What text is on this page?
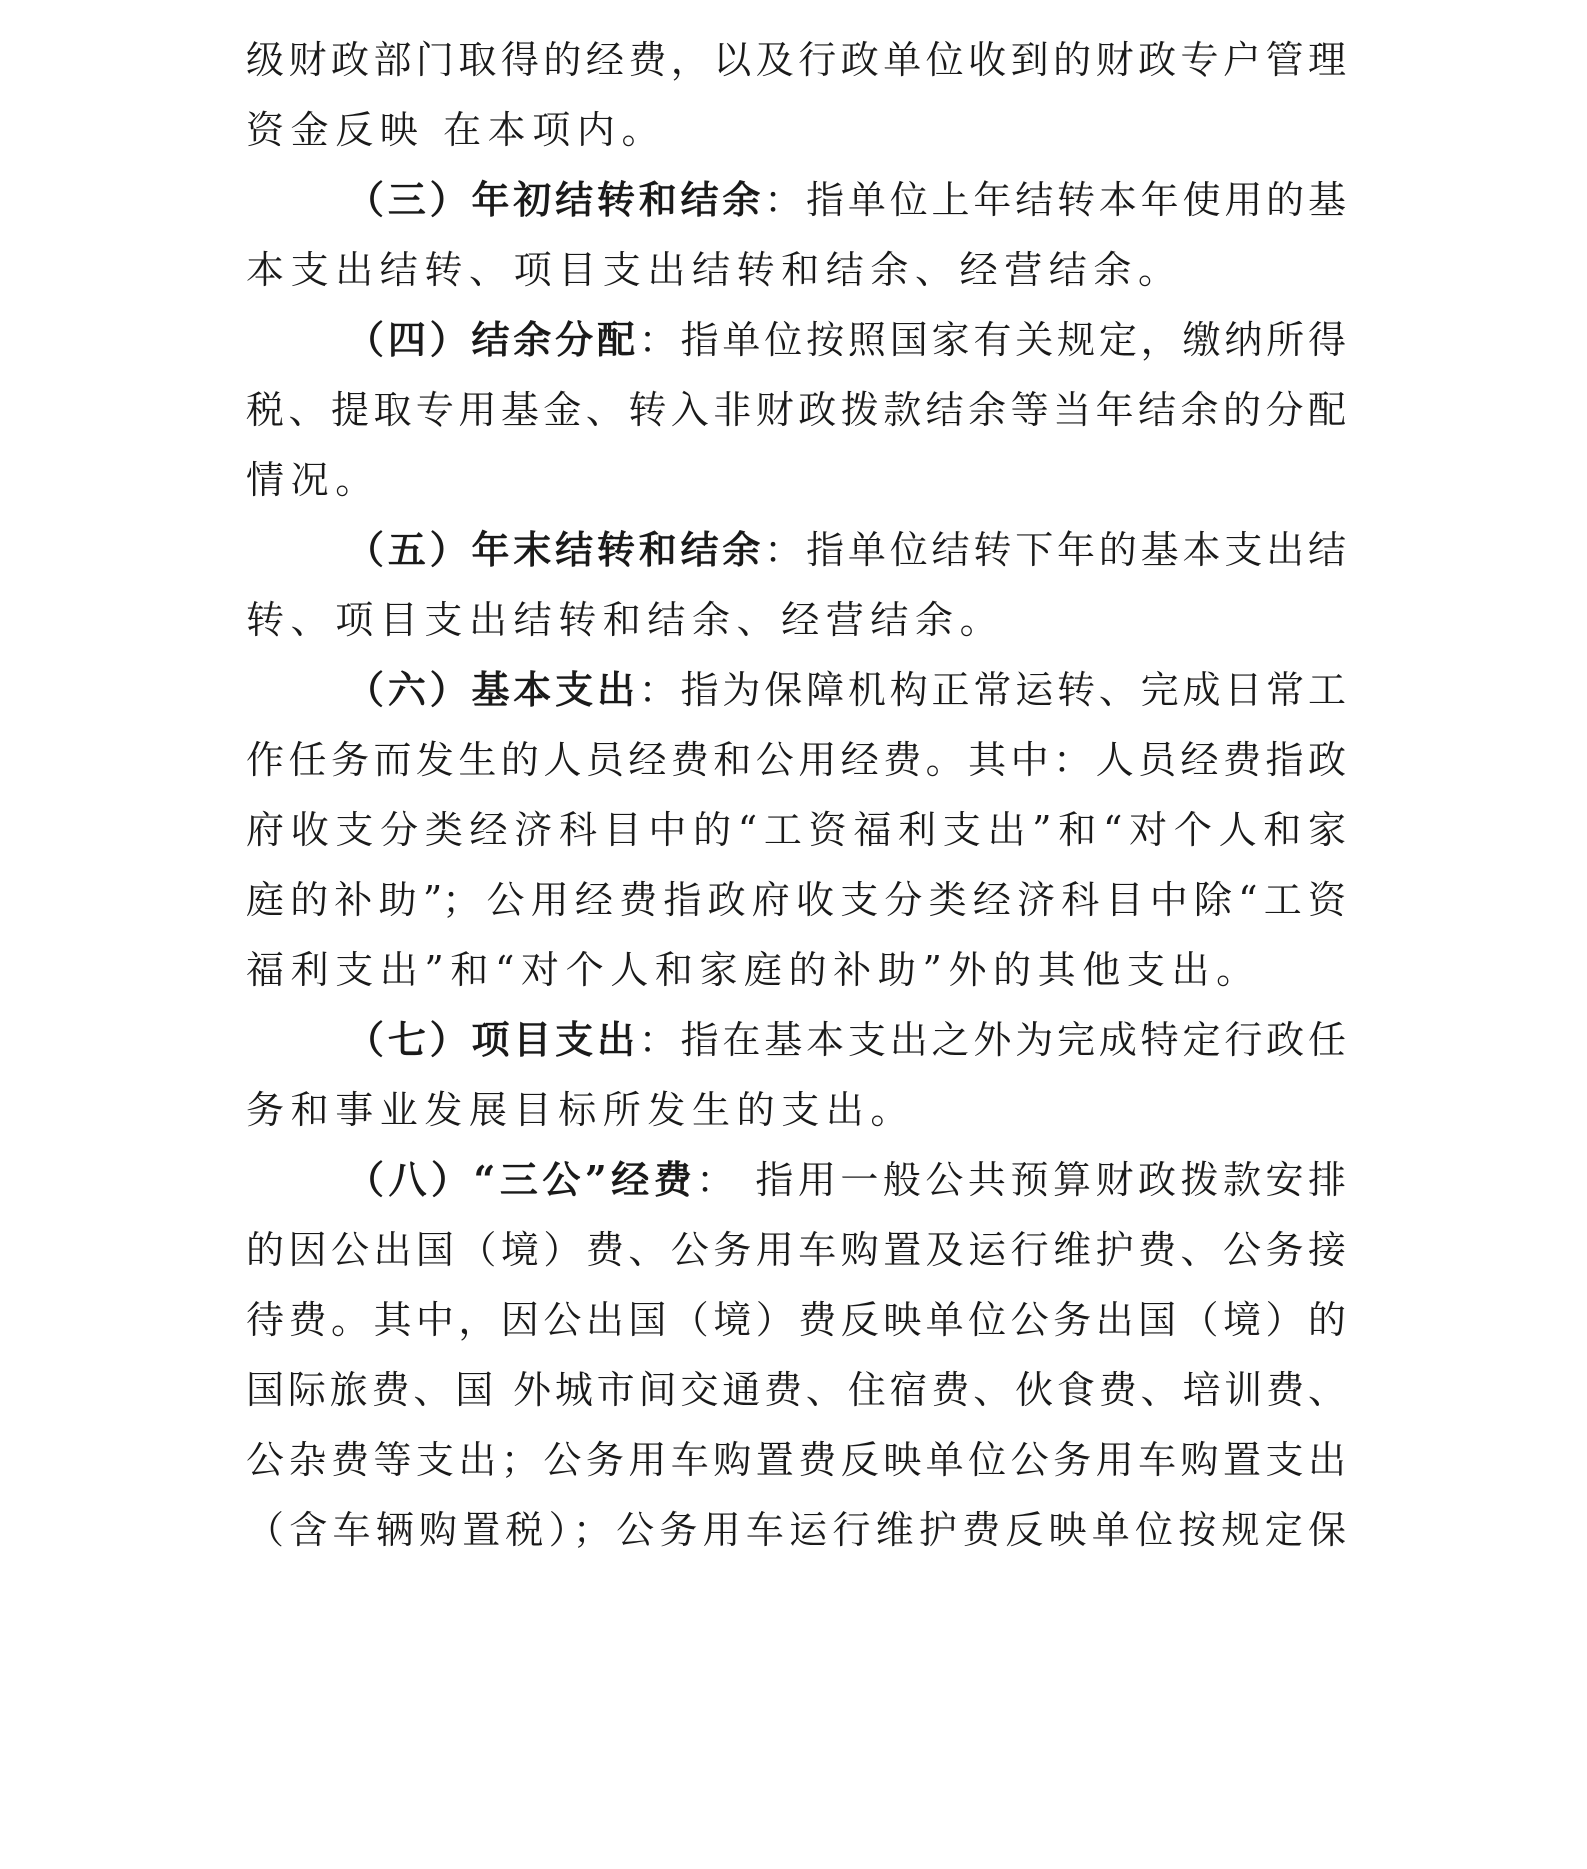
级财政部门取得的经费，以及行政单位收到的财政专户管理
资金反映 在本项内。
（三）年初结转和结余：指单位上年结转本年使用的基
本支出结转、项目支出结转和结余、经营结余。
（四）结余分配：指单位按照国家有关规定，缴纳所得
税、提取专用基金、转入非财政拨款结余等当年结余的分配
情况。
（五）年末结转和结余：指单位结转下年的基本支出结
转、项目支出结转和结余、经营结余。
（六）基本支出：指为保障机构正常运转、完成日常工
作任务而发生的人员经费和公用经费。其中：人员经费指政
府收支分类经济科目中的“工资福利支出”和“对个人和家
庭的补助”；公用经费指政府收支分类经济科目中除“工资
福利支出”和“对个人和家庭的补助”外的其他支出。
（七）项目支出：指在基本支出之外为完成特定行政任
务和事业发展目标所发生的支出。
（八）“三公”经费： 指用一般公共预算财政拨款安排
的因公出国（境）费、公务用车购置及运行维护费、公务接
待费。其中，因公出国（境）费反映单位公务出国（境）的
国际旅费、国 外城市间交通费、住宿费、伙食费、培训费、
公杂费等支出；公务用车购置费反映单位公务用车购置支出
（含车辆购置税）；公务用车运行维护费反映单位按规定保
